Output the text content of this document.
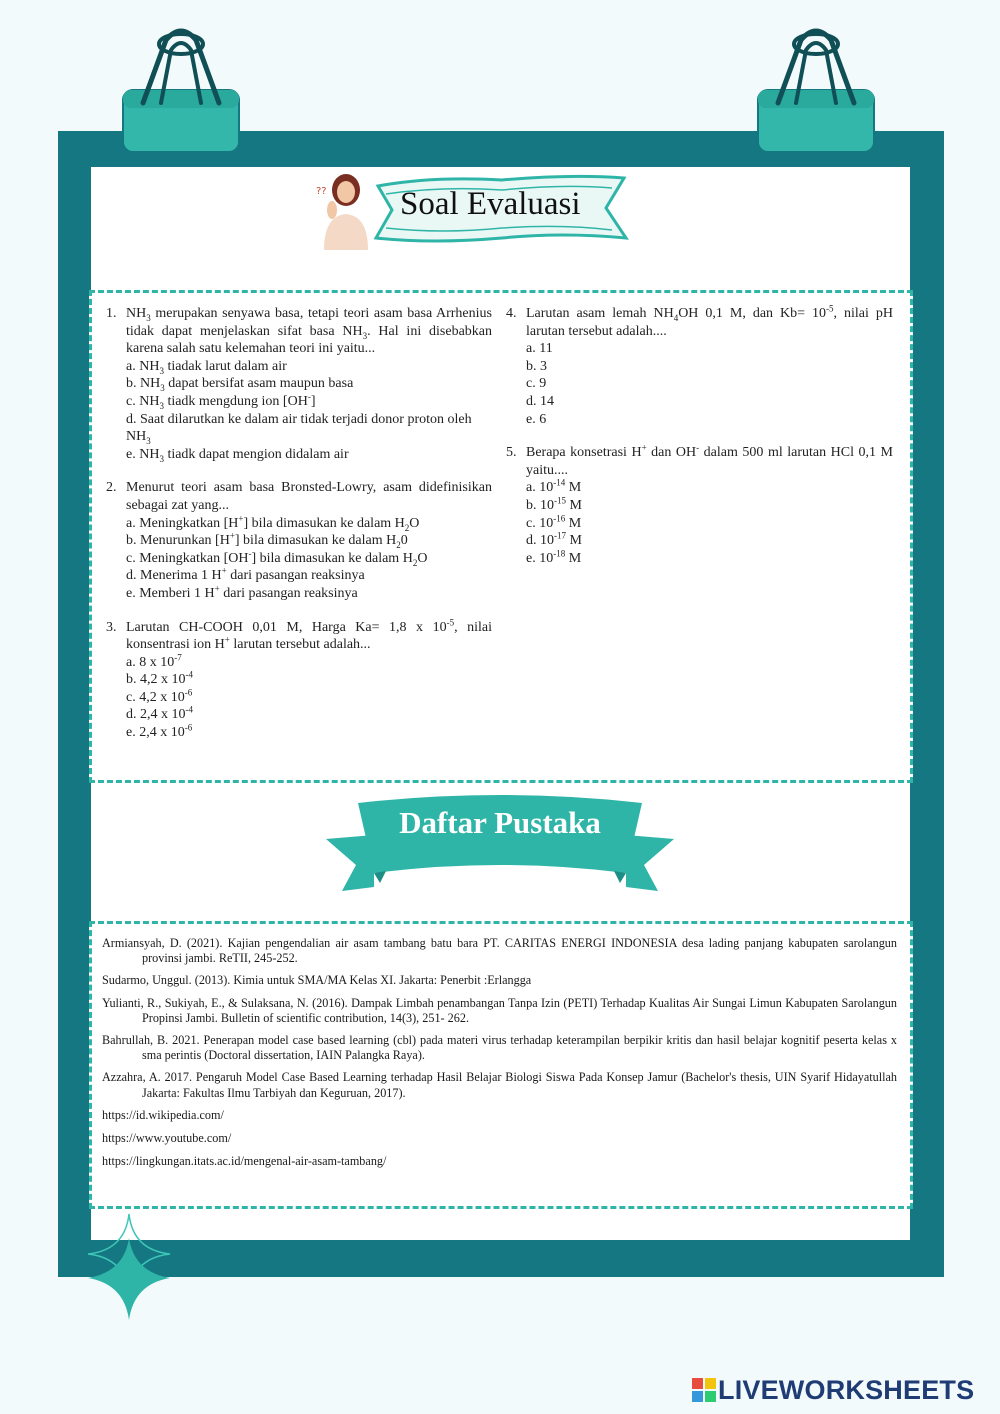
?? Soal Evaluasi
1. $NH_3$ merupakan senyawa basa, tetapi teori asam basa Arrhenius tidak dapat menjelaskan sifat basa $NH_3$. Hal ini disebabkan karena salah satu kelemahan teori ini yaitu...
a. $NH_3$ tiadak larut dalam air
b. $NH_3$ dapat bersifat asam maupun basa
c. $NH_3$ tiadk mengdung ion [OH-]
d. Saat dilarutkan ke dalam air tidak terjadi donor proton oleh $NH_3$
e. $NH_3$ tiadk dapat mengion didalam air
2. Menurut teori asam basa Bronsted-Lowry, asam didefinisikan sebagai zat yang...
a. Meningkatkan [H+] bila dimasukan ke dalam $H_2O$
b. Menurunkan [H+] bila dimasukan ke dalam $H_20$
c. Meningkatkan [OH-] bila dimasukan ke dalam $H_2O$
d. Menerima 1 H+ dari pasangan reaksinya
e. Memberi 1 H+ dari pasangan reaksinya
3. Larutan CH-COOH 0,01 M, Harga Ka= 1,8 x $10^{-5}$, nilai konsentrasi ion H+ larutan tersebut adalah...
a. 8 x $10^{-7}$
b. 4,2 x $10^{-4}$
c. 4,2 x $10^{-6}$
d. 2,4 x $10^{-4}$
e. 2,4 x $10^{-6}$
4. Larutan asam lemah $NH_4OH$ 0,1 M, dan $Kb= 10^{-5}$, nilai pH larutan tersebut adalah....
a. 11
b. 3
c. 9
d. 14
e. 6
5. Berapa konsetrasi H+ dan OH- dalam 500 ml larutan HCl 0,1 M yaitu....
a. $10^{-14}$ M
b. $10^{-15}$ M
c. $10^{-16}$ M
d. $10^{-17}$ M
e. $10^{-18}$ M
Daftar Pustaka

Armiansyah, D. (2021). Kajian pengendalian air asam tambang batu bara PT. CARITAS ENERGI INDONESIA desa lading panjang kabupaten sarolangun provinsi jambi. ReTII, 245-252.

Sudarmo, Unggul. (2013). Kimia untuk SMA/MA Kelas XI. Jakarta: Penerbit :Erlangga

Yulianti, R., Sukiyah, E., & Sulaksana, N. (2016). Dampak Limbah penambangan Tanpa Izin (PETI) Terhadap Kualitas Air Sungai Limun Kabupaten Sarolangun Propinsi Jambi. Bulletin of scientific contribution, 14(3), 251- 262.

Bahrullah, B. 2021. Penerapan model case based learning (cbl) pada materi virus terhadap keterampilan berpikir kritis dan hasil belajar kognitif peserta kelas x sma perintis (Doctoral dissertation, IAIN Palangka Raya).

Azzahra, A. 2017. Pengaruh Model Case Based Learning terhadap Hasil Belajar Biologi Siswa Pada Konsep Jamur (Bachelor's thesis, UIN Syarif Hidayatullah Jakarta: Fakultas Ilmu Tarbiyah dan Keguruan, 2017).

https://id.wikipedia.com/

https://www.youtube.com/

https://lingkungan.itats.ac.id/mengenal-air-asam-tambang/

LIVEWORKSHEETS
